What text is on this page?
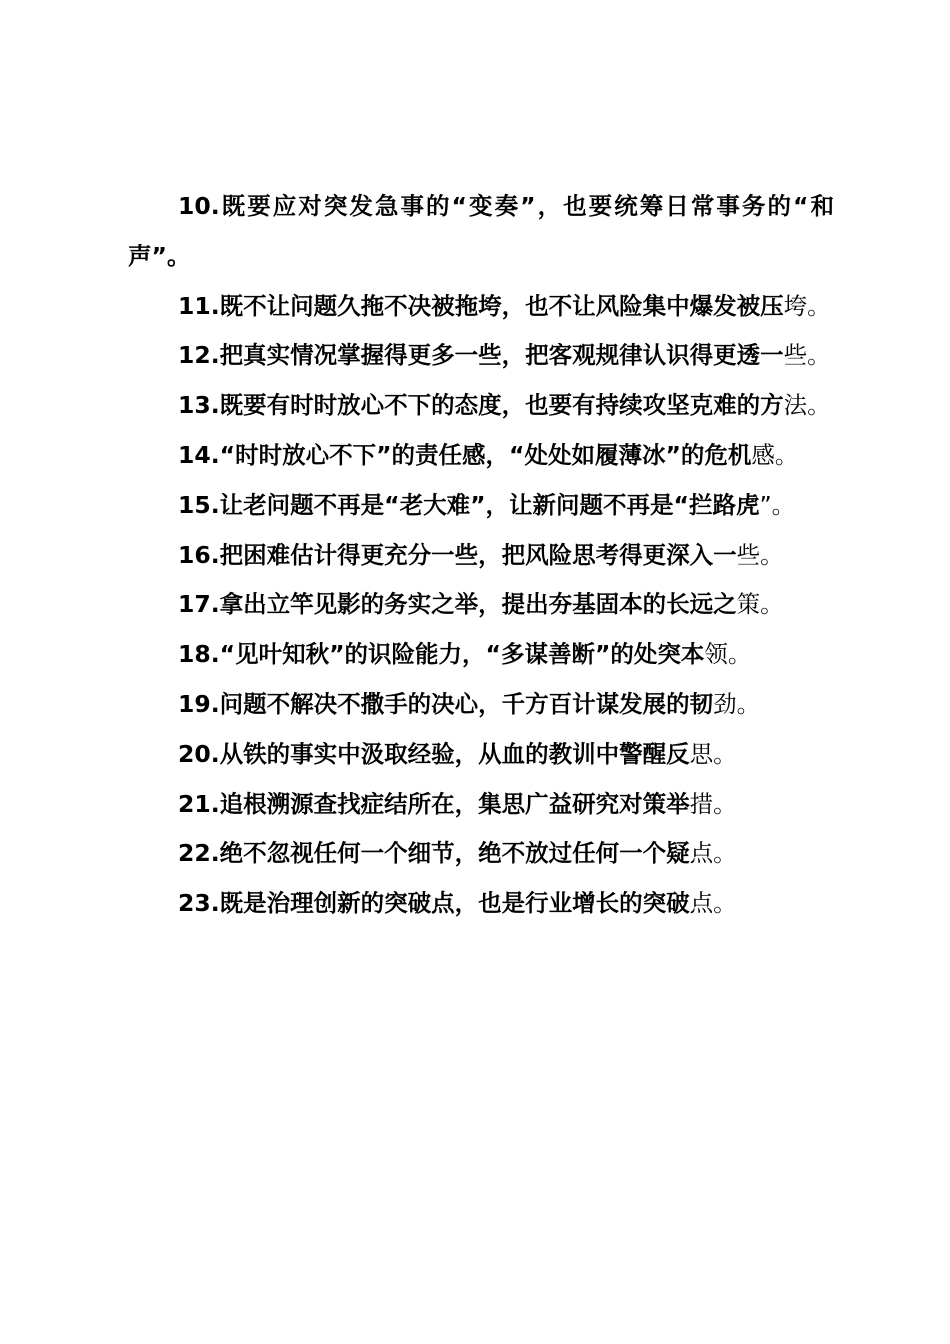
10.既要应对突发急事的“变奏”，也要统筹日常事务的“和声”。

11.既不让问题久拖不决被拖垮，也不让风险集中爆发被压垮。

12.把真实情况掌握得更多一些，把客观规律认识得更透一些。

13.既要有时时放心不下的态度，也要有持续攻坚克难的方法。

14.“时时放心不下”的责任感，“处处如履薄冰”的危机感。

15.让老问题不再是“老大难”，让新问题不再是“拦路虎”。

16.把困难估计得更充分一些，把风险思考得更深入一些。

17.拿出立竿见影的务实之举，提出夯基固本的长远之策。

18.“见叶知秋”的识险能力，“多谋善断”的处突本领。

19.问题不解决不撒手的决心，千方百计谋发展的韧劲。

20.从铁的事实中汲取经验，从血的教训中警醒反思。

21.追根溯源查找症结所在，集思广益研究对策举措。

22.绝不忽视任何一个细节，绝不放过任何一个疑点。

23.既是治理创新的突破点，也是行业增长的突破点。
